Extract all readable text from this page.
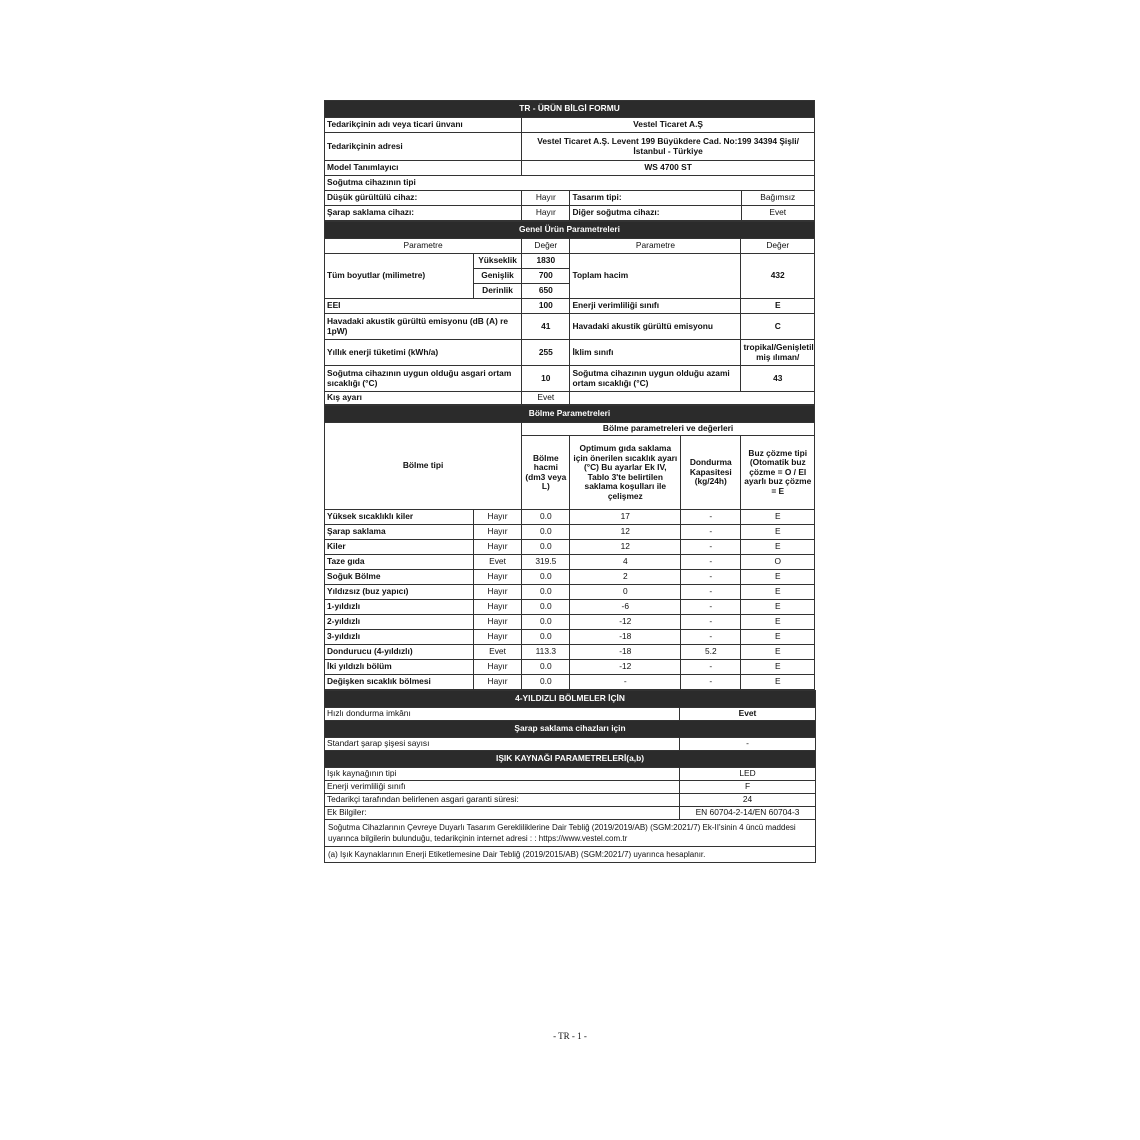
TR - ÜRÜN BİLGİ FORMU			
Tedarikçinin adı veya ticari ünvanı	Vestel Ticaret A.Ş		
Tedarikçinin adresi	Vestel Ticaret A.Ş. Levent 199 Büyükdere Cad. No:199 34394 Şişli/İstanbul - Türkiye		
Model Tanımlayıcı	WS 4700 ST		
Soğutma cihazının tipi			
Düşük gürültülü cihaz:	Hayır	Tasarım tipi:	Bağımsız
Şarap saklama cihazı:	Hayır	Diğer soğutma cihazı:	Evet
Genel Ürün Parametreleri				
Parametre		Değer	Parametre	Değer
Tüm boyutlar (milimetre)	Yükseklik	1830	Toplam hacim	432
	Genişlik	700		
	Derinlik	650		
EEI		100	Enerji verimliliği sınıfı	E
Havadaki akustik gürültü emisyonu (dB (A) re 1pW)		41	Havadaki akustik gürültü emisyonu	C
Yıllık enerji tüketimi (kWh/a)		255	İklim sınıfı	tropikal/Genişletil miş ılıman/
Soğutma cihazının uygun olduğu asgari ortam sıcaklığı (°C)		10	Soğutma cihazının uygun olduğu azami ortam sıcaklığı (°C)	43
Kış ayarı		Evet		
Bölme Parametreleri					
Bölme tipi		Bölme parametreleri ve değerleri			
		Bölme hacmi (dm3 veya L)	Optimum gıda saklama için önerilen sıcaklık ayarı (°C) Bu ayarlar Ek IV, Tablo 3'te belirtilen saklama koşulları ile çelişmez	Dondurma Kapasitesi (kg/24h)	Buz çözme tipi (Otomatik buz çözme = O / El ayarlı buz çözme = E
Yüksek sıcaklıklı kiler	Hayır	0.0	17	-	E
Şarap saklama	Hayır	0.0	12	-	E
Kiler	Hayır	0.0	12	-	E
Taze gıda	Evet	319.5	4	-	O
Soğuk Bölme	Hayır	0.0	2	-	E
Yıldızsız (buz yapıcı)	Hayır	0.0	0	-	E
1-yıldızlı	Hayır	0.0	-6	-	E
2-yıldızlı	Hayır	0.0	-12	-	E
3-yıldızlı	Hayır	0.0	-18	-	E
Dondurucu (4-yıldızlı)	Evet	113.3	-18	5.2	E
İki yıldızlı bölüm	Hayır	0.0	-12	-	E
Değişken sıcaklık bölmesi	Hayır	0.0	-	-	E
4-YILDIZLI BÖLMELER İÇİN	
Hızlı dondurma imkânı	Evet
Şarap saklama cihazları için	
Standart şarap şişesi sayısı	-
IŞIK KAYNAĞI PARAMETRELERİ(a,b)	
Işık kaynağının tipi	LED
Enerji verimliliği sınıfı	F
Tedarikçi tarafından belirlenen asgari garanti süresi:	24
Ek Bilgiler:	EN 60704-2-14/EN 60704-3
Soğutma Cihazlarının Çevreye Duyarlı Tasarım Gerekliliklerine Dair Tebliğ (2019/2019/AB) (SGM:2021/7) Ek-II'sinin 4 üncü maddesi uyarınca bilgilerin bulunduğu, tedarikçinin internet adresi : : https://www.vestel.com.tr	
(a) Işık Kaynaklarının Enerji Etiketlemesine Dair Tebliğ (2019/2015/AB) (SGM:2021/7) uyarınca hesaplanır.	
- TR - 1 -
